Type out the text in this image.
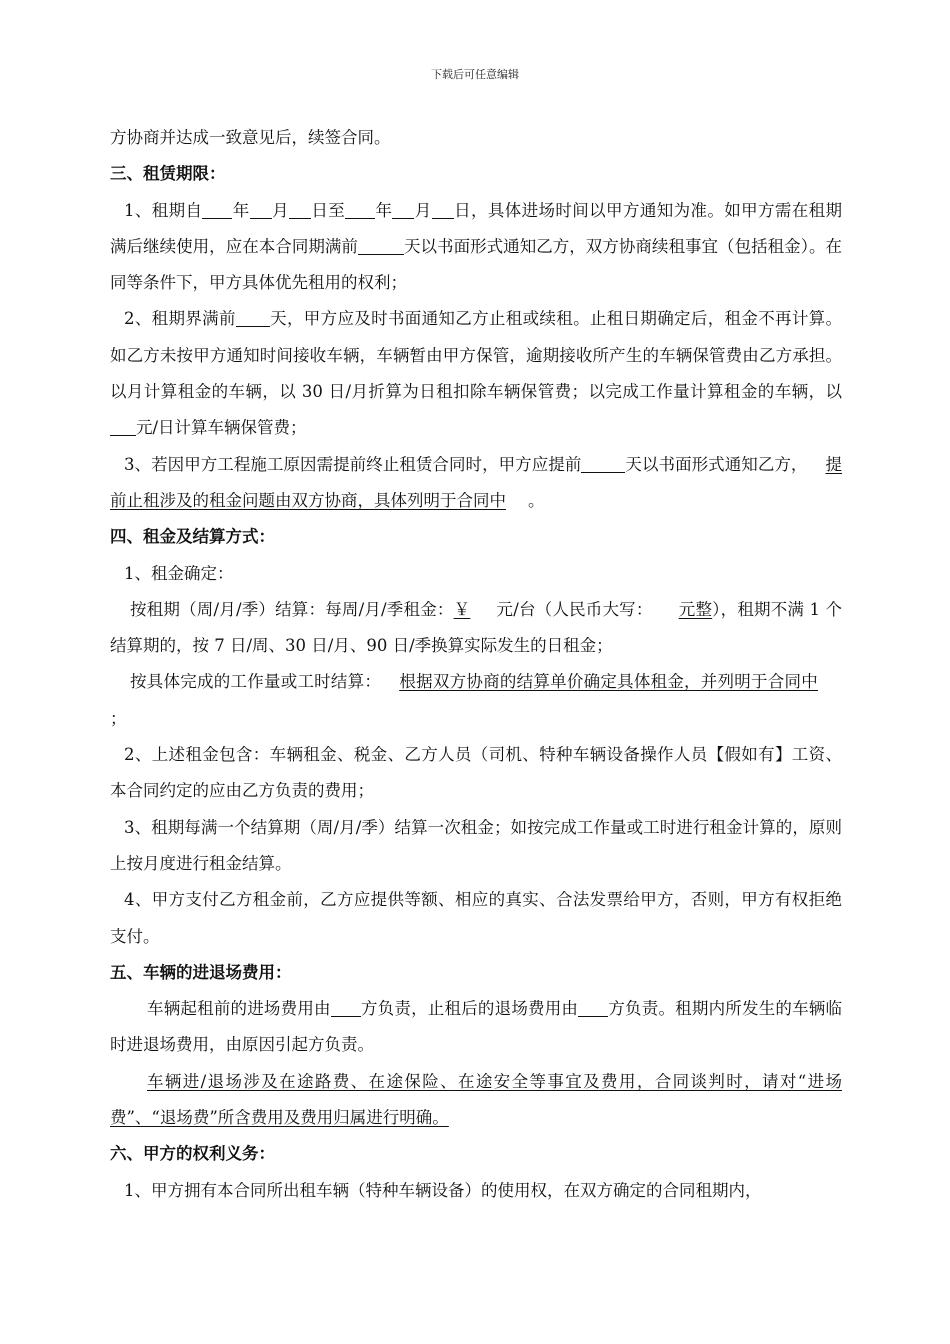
下载后可任意编辑

方协商并达成一致意见后，续签合同。

三、租赁期限：

1、租期自 年 月 日至 年 月 日，具体进场时间以甲方通知为准。如甲方需在租期满后继续使用，应在本合同期满前	天以书面形式通知乙方，双方协商续租事宜（包括租金）。在同等条件下，甲方具体优先租用的权利；

2、租期界满前 天，甲方应及时书面通知乙方止租或续租。止租日期确定后，租金不再计算。如乙方未按甲方通知时间接收车辆，车辆暂由甲方保管，逾期接收所产生的车辆保管费由乙方承担。以月计算租金的车辆，以 30 日/月折算为日租扣除车辆保管费；以完成工作量计算租金的车辆，以元/日计算车辆保管费；

3、若因甲方工程施工原因需提前终止租赁合同时，甲方应提前	天以书面形式通知乙方， 提前止租涉及的租金问题由双方协商，具体列明于合同中 。

四、租金及结算方式：

1、租金确定：

按租期（周/月/季）结算：每周/月/季租金：￥ 元/台（人民币大写： 元整），租期不满 1 个结算期的，按 7 日/周、30 日/月、90 日/季换算实际发生的日租金；

按具体完成的工作量或工时结算： 根据双方协商的结算单价确定具体租金，并列明于合同中；

2、上述租金包含：车辆租金、税金、乙方人员（司机、特种车辆设备操作人员【假如有】工资、本合同约定的应由乙方负责的费用；

3、租期每满一个结算期（周/月/季）结算一次租金；如按完成工作量或工时进行租金计算的，原则上按月度进行租金结算。

4、甲方支付乙方租金前，乙方应提供等额、相应的真实、合法发票给甲方，否则，甲方有权拒绝支付。

五、车辆的进退场费用：

车辆起租前的进场费用由 方负责，止租后的退场费用由 方负责。租期内所发生的车辆临时进退场费用，由原因引起方负责。

车辆进/退场涉及在途路费、在途保险、在途安全等事宜及费用，合同谈判时，请对“进场费”、“退场费”所含费用及费用归属进行明确。

六、甲方的权利义务：

1、甲方拥有本合同所出租车辆（特种车辆设备）的使用权，在双方确定的合同租期内，
